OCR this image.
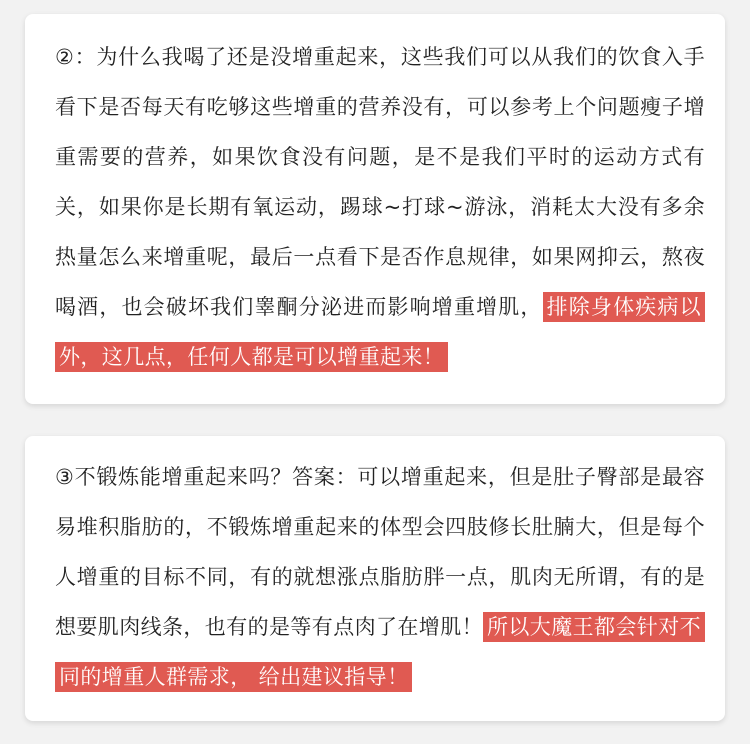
②：为什么我喝了还是没增重起来，这些我们可以从我们的饮食入手看下是否每天有吃够这些增重的营养没有，可以参考上个问题瘦子增重需要的营养，如果饮食没有问题，是不是我们平时的运动方式有关，如果你是长期有氧运动，踢球~打球~游泳，消耗太大没有多余热量怎么来增重呢，最后一点看下是否作息规律，如果网抑云，熬夜喝酒，也会破坏我们睾酮分泌进而影响增重增肌， 排除身体疾病以外，这几点，任何人都是可以增重起来！
③不锻炼能增重起来吗？答案：可以增重起来，但是肚子臀部是最容易堆积脂肪的，不锻炼增重起来的体型会四肢修长肚腩大，但是每个人增重的目标不同，有的就想涨点脂肪胖一点，肌肉无所谓，有的是想要肌肉线条，也有的是等有点肉了在增肌！ 所以大魔王都会针对不同的增重人群需求， 给出建议指导！
